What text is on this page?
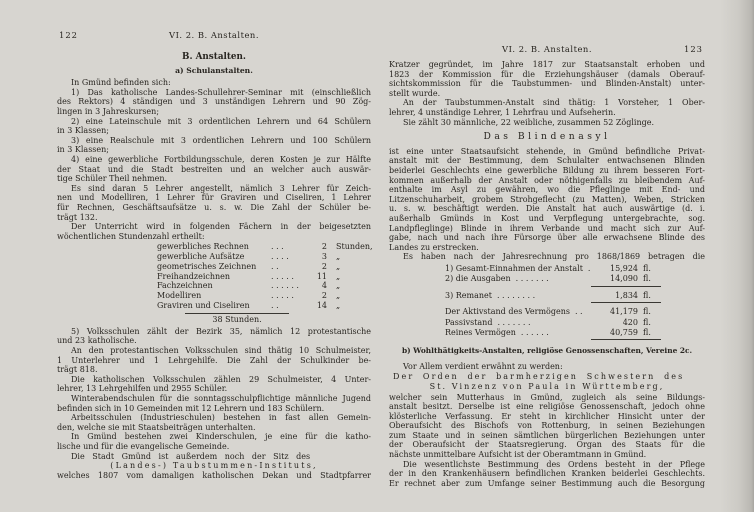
122	VI. 2. B. Anstalten.
B. Anstalten.
a) Schulanstalten.
In Gmünd befinden sich:
1) Das katholische Landes-Schullehrer-Seminar mit (einschließlich
des Rektors) 4 ständigen und 3 unständigen Lehrern und 90 Zög-
lingen in 3 Jahreskursen;
2) eine Lateinschule mit 3 ordentlichen Lehrern und 64 Schülern
in 3 Klassen;
3) eine Realschule mit 3 ordentlichen Lehrern und 100 Schülern
in 3 Klassen;
4) eine gewerbliche Fortbildungsschule, deren Kosten je zur Hälfte
der Staat und die Stadt bestreiten und an welcher auch auswär-
tige Schüler Theil nehmen.
Es sind daran 5 Lehrer angestellt, nämlich 3 Lehrer für Zeich-
nen und Modelliren, 1 Lehrer für Graviren und Ciseliren, 1 Lehrer
für Rechnen, Geschäftsaufsätze u. s. w. Die Zahl der Schüler be-
trägt 132.
Der Unterricht wird in folgenden Fächern in der beigesetzten
wöchentlichen Stundenzahl ertheilt:
gewerbliches Rechnen	. . .	2	Stunden,
gewerbliche Aufsätze	. . . .	3	„
geometrisches Zeichnen	. .	2	„
Freihandzeichnen	. . . . .	11	„
Fachzeichnen	. . . . . .	4	„
Modelliren	. . . . .	2	„
Graviren und Ciseliren	. .	14	„
38 Stunden.
5) Volksschulen zählt der Bezirk 35, nämlich 12 protestantische
und 23 katholische.
An den protestantischen Volksschulen sind thätig 10 Schulmeister,
1 Unterlehrer und 1 Lehrgehilfe. Die Zahl der Schulkinder be-
trägt 818.
Die katholischen Volksschulen zählen 29 Schulmeister, 4 Unter-
lehrer, 13 Lehrgehilfen und 2955 Schüler.
Winterabendschulen für die sonntagsschulpflichtige männliche Jugend
befinden sich in 10 Gemeinden mit 12 Lehrern und 183 Schülern.
Arbeitsschulen (Industrieschulen) bestehen in fast allen Gemein-
den, welche sie mit Staatsbeiträgen unterhalten.
In Gmünd bestehen zwei Kinderschulen, je eine für die katho-
lische und für die evangelische Gemeinde.
Die Stadt Gmünd ist außerdem noch der Sitz des
(Landes-) Taubstummen-Instituts,
welches 1807 vom damaligen katholischen Dekan und Stadtpfarrer
VI. 2. B. Anstalten.	123
Kratzer gegründet, im Jahre 1817 zur Staatsanstalt erhoben und
1823 der Kommission für die Erziehungshäuser (damals Oberauf-
sichtskommission für die Taubstummen- und Blinden-Anstalt) unter-
stellt wurde.
An der Taubstummen-Anstalt sind thätig: 1 Vorsteher, 1 Ober-
lehrer, 4 unständige Lehrer, 1 Lehrfrau und Aufseherin.
Sie zählt 30 männliche, 22 weibliche, zusammen 52 Zöglinge.
Das Blindenasyl
ist eine unter Staatsaufsicht stehende, in Gmünd befindliche Privat-
anstalt mit der Bestimmung, dem Schulalter entwachsenen Blinden
beiderlei Geschlechts eine gewerbliche Bildung zu ihrem besseren Fort-
kommen außerhalb der Anstalt oder nöthigenfalls zu bleibendem Auf-
enthalte im Asyl zu gewähren, wo die Pfleglinge mit End- und
Litzenschuharbeit, grobem Strohgeflecht (zu Matten), Weben, Stricken
u. s. w. beschäftigt werden. Die Anstalt hat auch auswärtige (d. i.
außerhalb Gmünds in Kost und Verpflegung untergebrachte, sog.
Landpfleglinge) Blinde in ihrem Verbande und macht sich zur Auf-
gabe, nach und nach ihre Fürsorge über alle erwachsene Blinde des
Landes zu erstrecken.
Es haben nach der Jahresrechnung pro 1868/1869 betragen die
1) Gesamt-Einnahmen der Anstalt .	15,924 fl.
2) die Ausgaben . . . . . . .	14,090 fl.
3) Remanet . . . . . . . .	1,834 fl.
Der Aktivstand des Vermögens . .	41,179 fl.
Passivstand . . . . . . .	420 fl.
Reines Vermögen . . . . . .	40,759 fl.
b) Wohlthätigkeits-Anstalten, religiöse Genossenschaften, Vereine 2c.
Vor Allem verdient erwähnt zu werden:
Der Orden der barmherzigen Schwestern des
St. Vinzenz von Paula in Württemberg,
welcher sein Mutterhaus in Gmünd, zugleich als seine Bildungs-
anstalt besitzt. Derselbe ist eine religiöse Genossenschaft, jedoch ohne
klösterliche Verfassung. Er steht in kirchlicher Hinsicht unter der
Oberaufsicht des Bischofs von Rottenburg, in seinen Beziehungen
zum Staate und in seinen sämtlichen bürgerlichen Beziehungen unter
der Oberaufsicht der Staatsregierung. Organ des Staats für die
nächste unmittelbare Aufsicht ist der Oberamtmann in Gmünd.
Die wesentlichste Bestimmung des Ordens besteht in der Pflege
der in den Krankenhäusern befindlichen Kranken beiderlei Geschlechts.
Er rechnet aber zum Umfange seiner Bestimmung auch die Besorgung
